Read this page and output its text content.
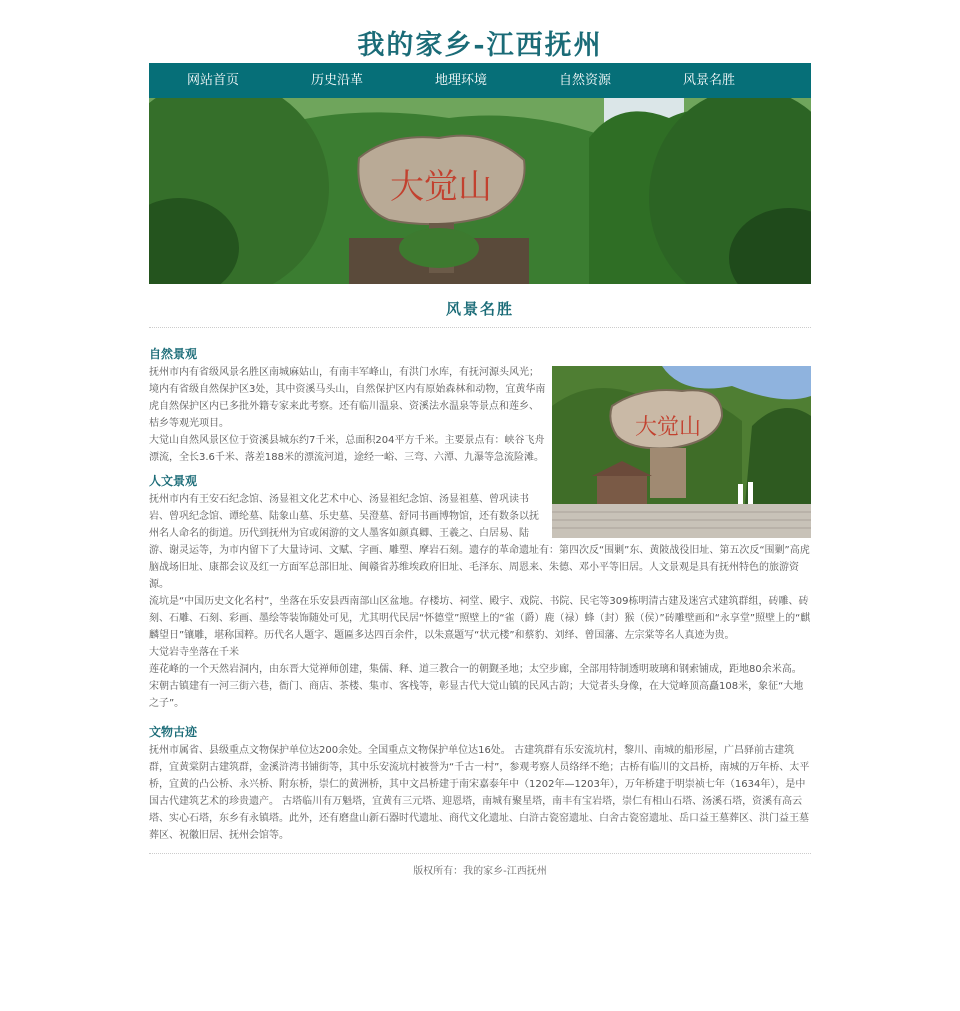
我的家乡-江西抚州
网站首页	历史沿革	地理环境	自然资源	风景名胜
大觉山
风景名胜
自然景观
大觉山

抚州市内有省级风景名胜区南城麻姑山，有南丰军峰山，有洪门水库，有抚河源头风光；境内有省级自然保护区3处，其中资溪马头山，自然保护区内有原始森林和动物，宜黄华南虎自然保护区内已多批外籍专家来此考察。还有临川温泉、资溪法水温泉等景点和莲乡、桔乡等观光项目。

大觉山自然风景区位于资溪县城东约7千米，总面积204平方千米。主要景点有：峡谷飞舟漂流，全长3.6千米、落差188米的漂流河道，途经一峪、三弯、六潭、九瀑等急流险滩。

人文景观

抚州市内有王安石纪念馆、汤显祖文化艺术中心、汤显祖纪念馆、汤显祖墓、曾巩读书岩、曾巩纪念馆、谭纶墓、陆象山墓、乐史墓、吴澄墓、舒同书画博物馆，还有数条以抚州名人命名的街道。历代到抚州为官或闲游的文人墨客如颜真卿、王羲之、白居易、陆游、谢灵运等，为市内留下了大量诗词、文赋、字画、雕塑、摩岩石刻。遗存的革命遗址有：第四次反“围剿”东、黄陂战役旧址、第五次反“围剿”高虎脑战场旧址、康都会议及红一方面军总部旧址、闽赣省苏维埃政府旧址、毛泽东、周恩来、朱德、邓小平等旧居。人文景观是具有抚州特色的旅游资源。

流坑是“中国历史文化名村”，坐落在乐安县西南部山区盆地。存楼坊、祠堂、殿宇、戏院、书院、民宅等309栋明清古建及迷宫式建筑群组，砖雕、砖刻、石雕、石刻、彩画、墨绘等装饰随处可见，尤其明代民居“怀德堂”照壁上的“雀（爵）鹿（禄）蜂（封）猴（侯）”砖雕壁画和“永享堂”照壁上的“麒麟望日”镶雕，堪称国粹。历代名人题字、题匾多达四百余件，以朱熹题写“状元楼”和蔡豹、刘绎、曾国藩、左宗棠等名人真迹为贵。

大觉岩寺坐落在千米

莲花峰的一个天然岩洞内，由东晋大觉禅师创建，集儒、释、道三教合一的朝觐圣地；太空步廊，全部用特制透明玻璃和钢索铺成，距地80余米高。 宋朝古镇建有一河三街六巷，衙门、商店、茶楼、集市、客栈等，彰显古代大觉山镇的民风古韵；大觉者头身像，在大觉峰顶高矗108米，象征“大地之子”。

文物古迹

抚州市属省、县级重点文物保护单位达200余处。全国重点文物保护单位达16处。 古建筑群有乐安流坑村，黎川、南城的船形屋，广昌驿前古建筑群，宜黄棠阴古建筑群，金溪浒湾书铺街等，其中乐安流坑村被誉为“千古一村”，参观考察人员络绎不绝；古桥有临川的文昌桥，南城的万年桥、太平桥，宜黄的凸公桥、永兴桥、附东桥，崇仁的黄洲桥，其中文昌桥建于南宋嘉泰年中（1202年—1203年），万年桥建于明崇祯七年（1634年），是中国古代建筑艺术的珍贵遗产。 古塔临川有万魁塔，宜黄有三元塔、迎恩塔，南城有聚星塔，南丰有宝岩塔，崇仁有相山石塔、汤溪石塔，资溪有高云塔、实心石塔，东乡有永镇塔。此外，还有磨盘山新石器时代遗址、商代文化遗址、白浒古瓷窑遗址、白舍古瓷窑遗址、岳口益王墓葬区、洪门益王墓葬区、祝徽旧居、抚州会馆等。

版权所有：我的家乡-江西抚州
